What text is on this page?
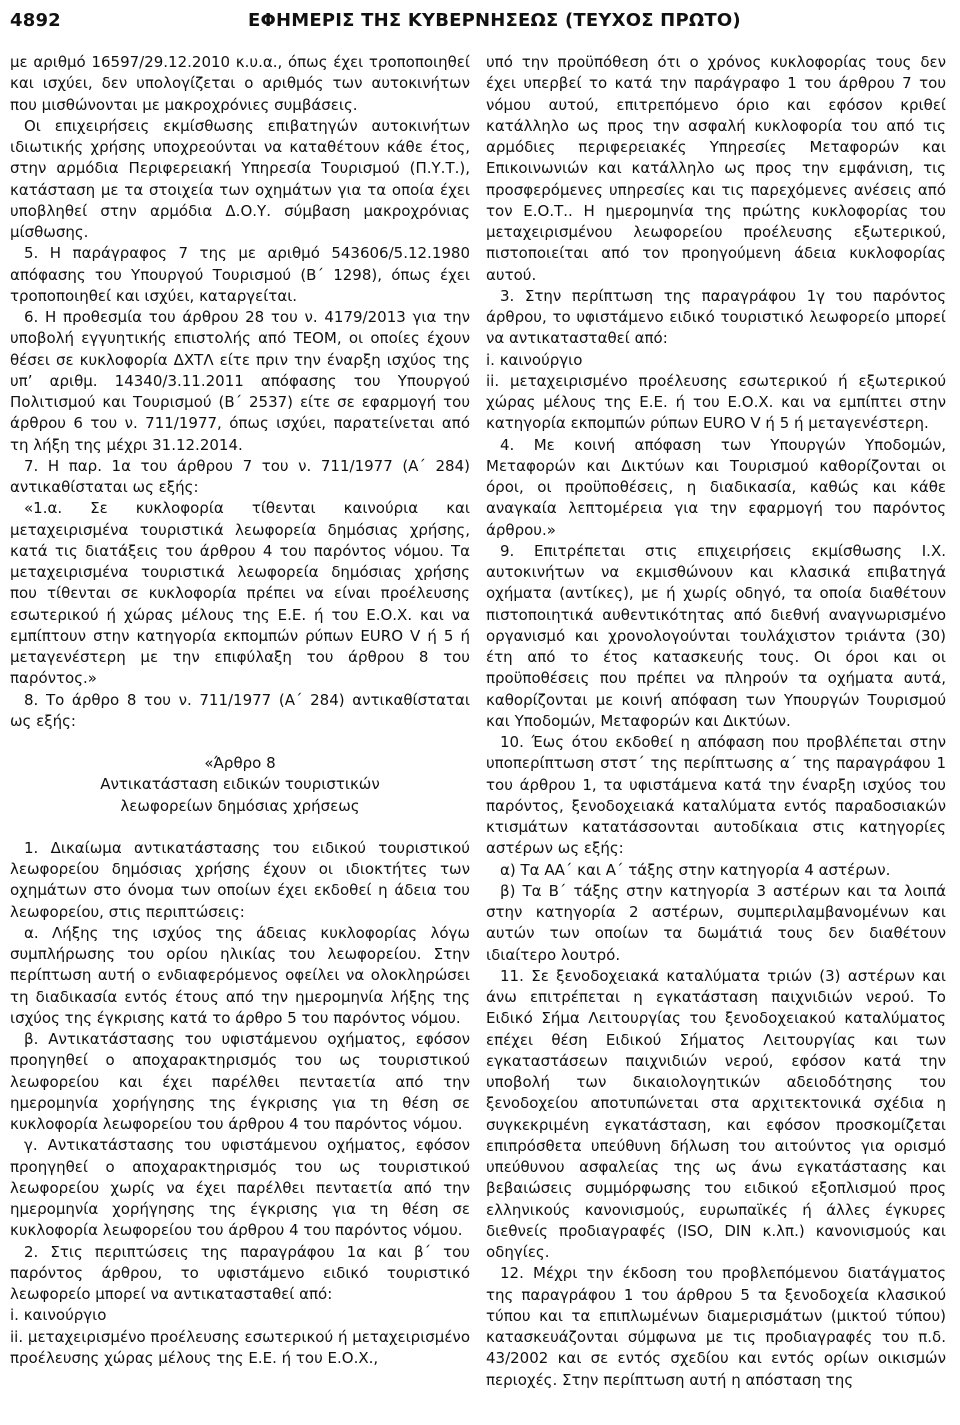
4892	ΕΦΗΜΕΡΙΣ ΤΗΣ ΚΥΒΕΡΝΗΣΕΩΣ (ΤΕΥΧΟΣ ΠΡΩΤΟ)

με αριθμό 16597/29.12.2010 κ.υ.α., όπως έχει τροποποιηθεί και ισχύει, δεν υπολογίζεται ο αριθμός των αυτοκινήτων που μισθώνονται με μακροχρόνιες συμβάσεις.

Οι επιχειρήσεις εκμίσθωσης επιβατηγών αυτοκινήτων ιδιωτικής χρήσης υποχρεούνται να καταθέτουν κάθε έτος, στην αρμόδια Περιφερειακή Υπηρεσία Τουρισμού (Π.Υ.Τ.), κατάσταση με τα στοιχεία των οχημάτων για τα οποία έχει υποβληθεί στην αρμόδια Δ.Ο.Υ. σύμβαση μακροχρόνιας μίσθωσης.

5. Η παράγραφος 7 της με αριθμό 543606/5.12.1980 απόφασης του Υπουργού Τουρισμού (Β΄ 1298), όπως έχει τροποποιηθεί και ισχύει, καταργείται.

6. Η προθεσμία του άρθρου 28 του ν. 4179/2013 για την υποβολή εγγυητικής επιστολής από ΤΕΟΜ, οι οποίες έχουν θέσει σε κυκλοφορία ΔΧΤΛ είτε πριν την έναρξη ισχύος της υπ’ αριθμ. 14340/3.11.2011 απόφασης του Υπουργού Πολιτισμού και Τουρισμού (Β΄ 2537) είτε σε εφαρμογή του άρθρου 6 του ν. 711/1977, όπως ισχύει, παρατείνεται από τη λήξη της μέχρι 31.12.2014.

7. Η παρ. 1α του άρθρου 7 του ν. 711/1977 (Α΄ 284) αντικαθίσταται ως εξής:

«1.α. Σε κυκλοφορία τίθενται καινούρια και μεταχειρισμένα τουριστικά λεωφορεία δημόσιας χρήσης, κατά τις διατάξεις του άρθρου 4 του παρόντος νόμου. Τα μεταχειρισμένα τουριστικά λεωφορεία δημόσιας χρήσης που τίθενται σε κυκλοφορία πρέπει να είναι προέλευσης εσωτερικού ή χώρας μέλους της Ε.Ε. ή του Ε.Ο.Χ. και να εμπίπτουν στην κατηγορία εκπομπών ρύπων EURO V ή 5 ή μεταγενέστερη με την επιφύλαξη του άρθρου 8 του παρόντος.»

8. Το άρθρο 8 του ν. 711/1977 (Α΄ 284) αντικαθίσταται ως εξής:

«Άρθρο 8

Αντικατάσταση ειδικών τουριστικών

λεωφορείων δημόσιας χρήσεως

1. Δικαίωμα αντικατάστασης του ειδικού τουριστικού λεωφορείου δημόσιας χρήσης έχουν οι ιδιοκτήτες των οχημάτων στο όνομα των οποίων έχει εκδοθεί η άδεια του λεωφορείου, στις περιπτώσεις:

α. Λήξης της ισχύος της άδειας κυκλοφορίας λόγω συμπλήρωσης του ορίου ηλικίας του λεωφορείου. Στην περίπτωση αυτή ο ενδιαφερόμενος οφείλει να ολοκληρώσει τη διαδικασία εντός έτους από την ημερομηνία λήξης της ισχύος της έγκρισης κατά το άρθρο 5 του παρόντος νόμου.

β. Αντικατάστασης του υφιστάμενου οχήματος, εφόσον προηγηθεί ο αποχαρακτηρισμός του ως τουριστικού λεωφορείου και έχει παρέλθει πενταετία από την ημερομηνία χορήγησης της έγκρισης για τη θέση σε κυκλοφορία λεωφορείου του άρθρου 4 του παρόντος νόμου.

γ. Αντικατάστασης του υφιστάμενου οχήματος, εφόσον προηγηθεί ο αποχαρακτηρισμός του ως τουριστικού λεωφορείου χωρίς να έχει παρέλθει πενταετία από την ημερομηνία χορήγησης της έγκρισης για τη θέση σε κυκλοφορία λεωφορείου του άρθρου 4 του παρόντος νόμου.

2. Στις περιπτώσεις της παραγράφου 1α και β΄ του παρόντος άρθρου, το υφιστάμενο ειδικό τουριστικό λεωφορείο μπορεί να αντικατασταθεί από:

i. καινούργιο

ii. μεταχειρισμένο προέλευσης εσωτερικού ή μεταχειρισμένο προέλευσης χώρας μέλους της Ε.Ε. ή του Ε.Ο.Χ.,

υπό την προϋπόθεση ότι ο χρόνος κυκλοφορίας τους δεν έχει υπερβεί το κατά την παράγραφο 1 του άρθρου 7 του νόμου αυτού, επιτρεπόμενο όριο και εφόσον κριθεί κατάλληλο ως προς την ασφαλή κυκλοφορία του από τις αρμόδιες περιφερειακές Υπηρεσίες Μεταφορών και Επικοινωνιών και κατάλληλο ως προς την εμφάνιση, τις προσφερόμενες υπηρεσίες και τις παρεχόμενες ανέσεις από τον Ε.Ο.Τ.. Η ημερομηνία της πρώτης κυκλοφορίας του μεταχειρισμένου λεωφορείου προέλευσης εξωτερικού, πιστοποιείται από τον προηγούμενη άδεια κυκλοφορίας αυτού.

3. Στην περίπτωση της παραγράφου 1γ του παρόντος άρθρου, το υφιστάμενο ειδικό τουριστικό λεωφορείο μπορεί να αντικατασταθεί από:

i. καινούργιο

ii. μεταχειρισμένο προέλευσης εσωτερικού ή εξωτερικού χώρας μέλους της Ε.Ε. ή του Ε.Ο.Χ. και να εμπίπτει στην κατηγορία εκπομπών ρύπων EURO V ή 5 ή μεταγενέστερη.

4. Με κοινή απόφαση των Υπουργών Υποδομών, Μεταφορών και Δικτύων και Τουρισμού καθορίζονται οι όροι, οι προϋποθέσεις, η διαδικασία, καθώς και κάθε αναγκαία λεπτομέρεια για την εφαρμογή του παρόντος άρθρου.»

9. Επιτρέπεται στις επιχειρήσεις εκμίσθωσης Ι.Χ. αυτοκινήτων να εκμισθώνουν και κλασικά επιβατηγά οχήματα (αντίκες), με ή χωρίς οδηγό, τα οποία διαθέτουν πιστοποιητικά αυθεντικότητας από διεθνή αναγνωρισμένο οργανισμό και χρονολογούνται τουλάχιστον τριάντα (30) έτη από το έτος κατασκευής τους. Οι όροι και οι προϋποθέσεις που πρέπει να πληρούν τα οχήματα αυτά, καθορίζονται με κοινή απόφαση των Υπουργών Τουρισμού και Υποδομών, Μεταφορών και Δικτύων.

10. Έως ότου εκδοθεί η απόφαση που προβλέπεται στην υποπερίπτωση στστ΄ της περίπτωσης α΄ της παραγράφου 1 του άρθρου 1, τα υφιστάμενα κατά την έναρξη ισχύος του παρόντος, ξενοδοχειακά καταλύματα εντός παραδοσιακών κτισμάτων κατατάσσονται αυτοδίκαια στις κατηγορίες αστέρων ως εξής:

α) Τα ΑΑ΄ και Α΄ τάξης στην κατηγορία 4 αστέρων.

β) Τα Β΄ τάξης στην κατηγορία 3 αστέρων και τα λοιπά στην κατηγορία 2 αστέρων, συμπεριλαμβανομένων και αυτών των οποίων τα δωμάτιά τους δεν διαθέτουν ιδιαίτερο λουτρό.

11. Σε ξενοδοχειακά καταλύματα τριών (3) αστέρων και άνω επιτρέπεται η εγκατάσταση παιχνιδιών νερού. Το Ειδικό Σήμα Λειτουργίας του ξενοδοχειακού καταλύματος επέχει θέση Ειδικού Σήματος Λειτουργίας και των εγκαταστάσεων παιχνιδιών νερού, εφόσον κατά την υποβολή των δικαιολογητικών αδειοδότησης του ξενοδοχείου αποτυπώνεται στα αρχιτεκτονικά σχέδια η συγκεκριμένη εγκατάσταση, και εφόσον προσκομίζεται επιπρόσθετα υπεύθυνη δήλωση του αιτούντος για ορισμό υπεύθυνου ασφαλείας της ως άνω εγκατάστασης και βεβαιώσεις συμμόρφωσης του ειδικού εξοπλισμού προς ελληνικούς κανονισμούς, ευρωπαϊκές ή άλλες έγκυρες διεθνείς προδιαγραφές (ISO, DIN κ.λπ.) κανονισμούς και οδηγίες.

12. Μέχρι την έκδοση του προβλεπόμενου διατάγματος της παραγράφου 1 του άρθρου 5 τα ξενοδοχεία κλασικού τύπου και τα επιπλωμένων διαμερισμάτων (μικτού τύπου) κατασκευάζονται σύμφωνα με τις προδιαγραφές του π.δ. 43/2002 και σε εντός σχεδίου και εντός ορίων οικισμών περιοχές. Στην περίπτωση αυτή η απόσταση της
